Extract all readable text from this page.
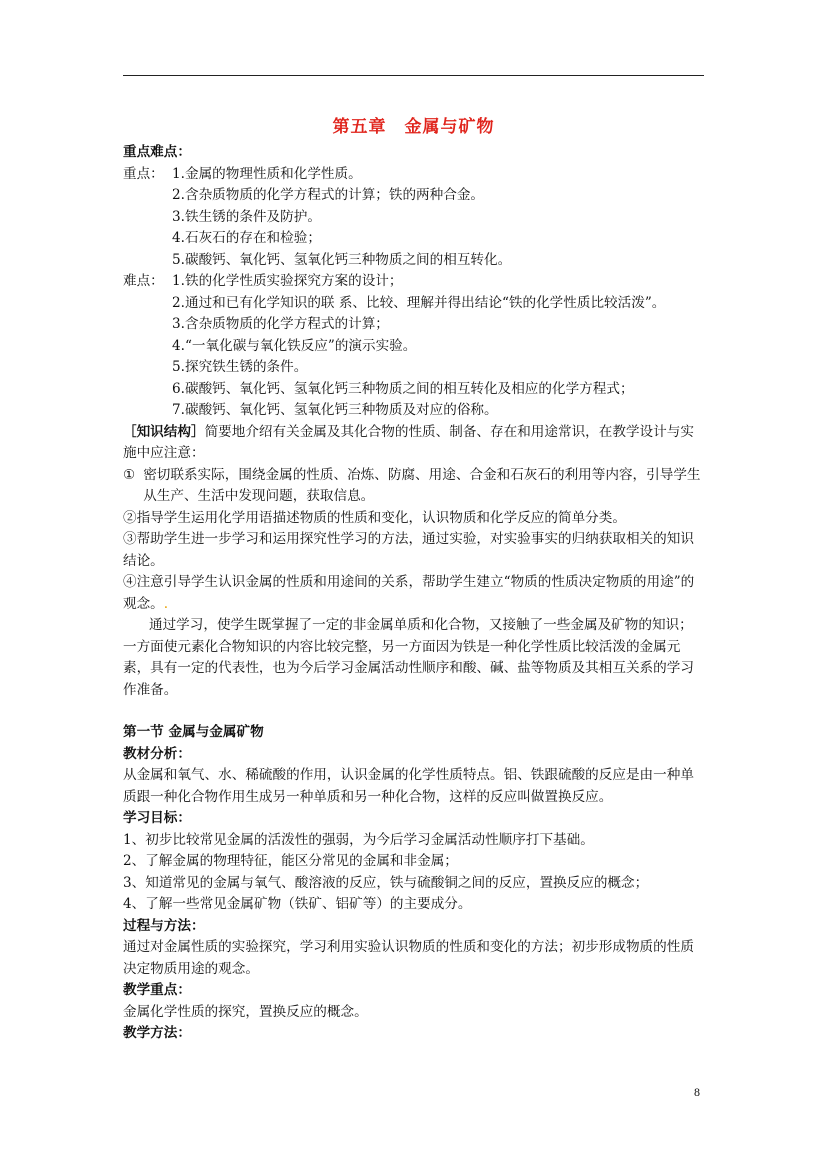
第五章　金属与矿物

重点难点：

重点： 1.金属的物理性质和化学性质。

2.含杂质物质的化学方程式的计算；铁的两种合金。

3.铁生锈的条件及防护。

4.石灰石的存在和检验；

5.碳酸钙、氧化钙、氢氧化钙三种物质之间的相互转化。

难点： 1.铁的化学性质实验探究方案的设计；

2.通过和已有化学知识的联 系、比较、理解并得出结论“铁的化学性质比较活泼”。

3.含杂质物质的化学方程式的计算；

4.“一氧化碳与氧化铁反应”的演示实验。

5.探究铁生锈的条件。

6.碳酸钙、氧化钙、氢氧化钙三种物质之间的相互转化及相应的化学方程式；

7.碳酸钙、氧化钙、氢氧化钙三种物质及对应的俗称。

［知识结构］简要地介绍有关金属及其化合物的性质、制备、存在和用途常识，在教学设计与实施中应注意：

① 密切联系实际，围绕金属的性质、冶炼、防腐、用途、合金和石灰石的利用等内容，引导学生从生产、生活中发现问题，获取信息。

②指导学生运用化学用语描述物质的性质和变化，认识物质和化学反应的简单分类。

③帮助学生进一步学习和运用探究性学习的方法，通过实验，对实验事实的归纳获取相关的知识结论。

④注意引导学生认识金属的性质和用途间的关系，帮助学生建立“物质的性质决定物质的用途”的观念。.

通过学习，使学生既掌握了一定的非金属单质和化合物，又接触了一些金属及矿物的知识；一方面使元素化合物知识的内容比较完整，另一方面因为铁是一种化学性质比较活泼的金属元素，具有一定的代表性，也为今后学习金属活动性顺序和酸、碱、盐等物质及其相互关系的学习作准备。

第一节 金属与金属矿物

教材分析：

从金属和氧气、水、稀硫酸的作用，认识金属的化学性质特点。铝、铁跟硫酸的反应是由一种单质跟一种化合物作用生成另一种单质和另一种化合物，这样的反应叫做置换反应。

学习目标：

1、初步比较常见金属的活泼性的强弱，为今后学习金属活动性顺序打下基础。

2、了解金属的物理特征，能区分常见的金属和非金属；

3、知道常见的金属与氧气、酸溶液的反应，铁与硫酸铜之间的反应，置换反应的概念；

4、了解一些常见金属矿物（铁矿、铝矿等）的主要成分。

过程与方法：

通过对金属性质的实验探究，学习利用实验认识物质的性质和变化的方法；初步形成物质的性质决定物质用途的观念。

教学重点：

金属化学性质的探究，置换反应的概念。

教学方法：

8
